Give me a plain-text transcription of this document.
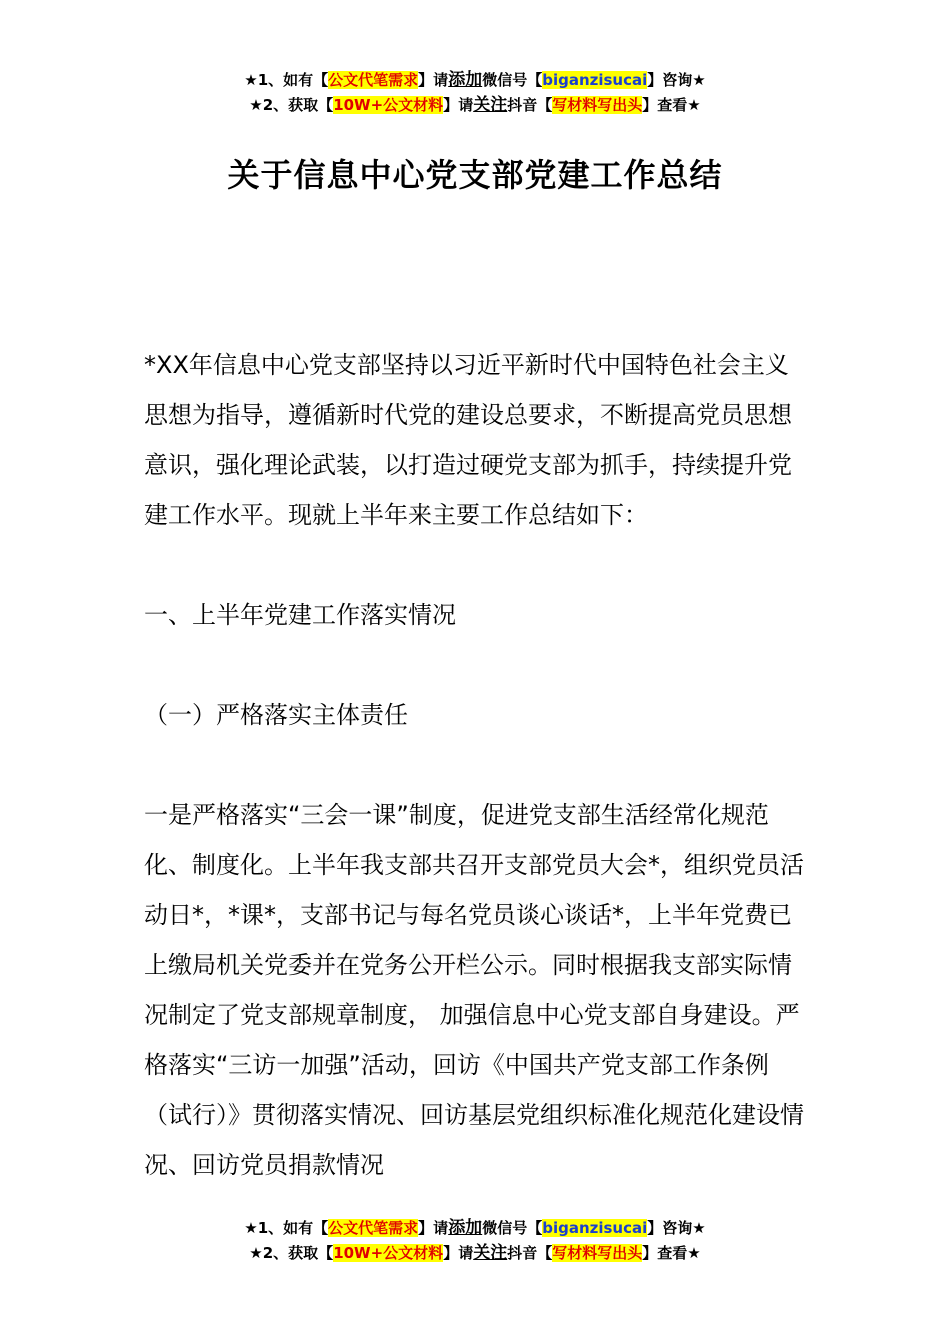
★1、如有【公文代笔需求】请添加微信号【biganzisucai】咨询★
★2、获取【10W+公文材料】请关注抖音【写材料写出头】查看★
关于信息中心党支部党建工作总结

*XX年信息中心党支部坚持以习近平新时代中国特色社会主义思想为指导，遵循新时代党的建设总要求，不断提高党员思想意识，强化理论武装，以打造过硬党支部为抓手，持续提升党建工作水平。现就上半年来主要工作总结如下：

一、上半年党建工作落实情况

（一）严格落实主体责任

一是严格落实“三会一课”制度，促进党支部生活经常化规范化、制度化。上半年我支部共召开支部党员大会*，组织党员活动日*，*课*，支部书记与每名党员谈心谈话*，上半年党费已上缴局机关党委并在党务公开栏公示。同时根据我支部实际情况制定了党支部规章制度， 加强信息中心党支部自身建设。严格落实“三访一加强”活动，回访《中国共产党支部工作条例（试行）》贯彻落实情况、回访基层党组织标准化规范化建设情况、回访党员捐款情况

★1、如有【公文代笔需求】请添加微信号【biganzisucai】咨询★
★2、获取【10W+公文材料】请关注抖音【写材料写出头】查看★
